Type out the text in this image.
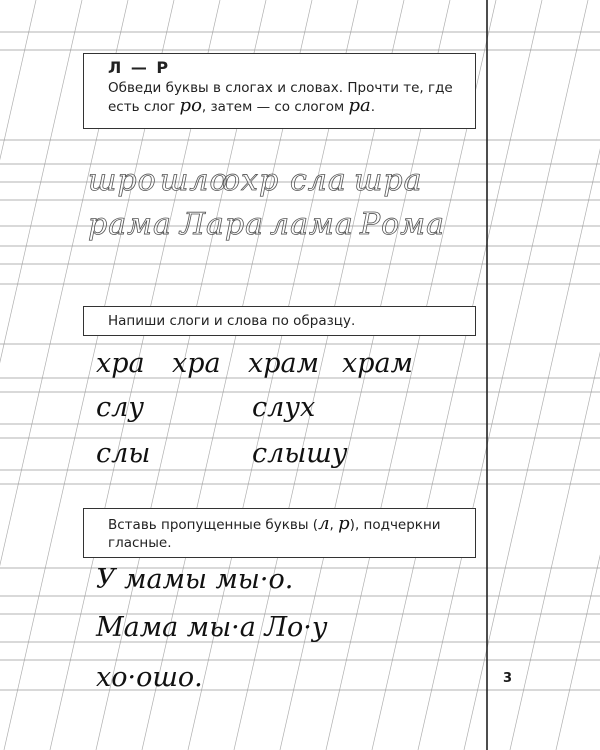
Л — Р
Обведи буквы в слогах и словах. Прочти те, где есть слог ро, затем — со слогом ра.
шро шло
охр сла шра
рама Лара лама Рома
Напиши слоги и слова по образцу.
хра хра храм храм
слу	слух
слы	слышу
Вставь пропущенные буквы (л, р), подчеркни гласные.
У мамы мы·о.
Мама мы·а Ло·у
хо·ошо.	3
